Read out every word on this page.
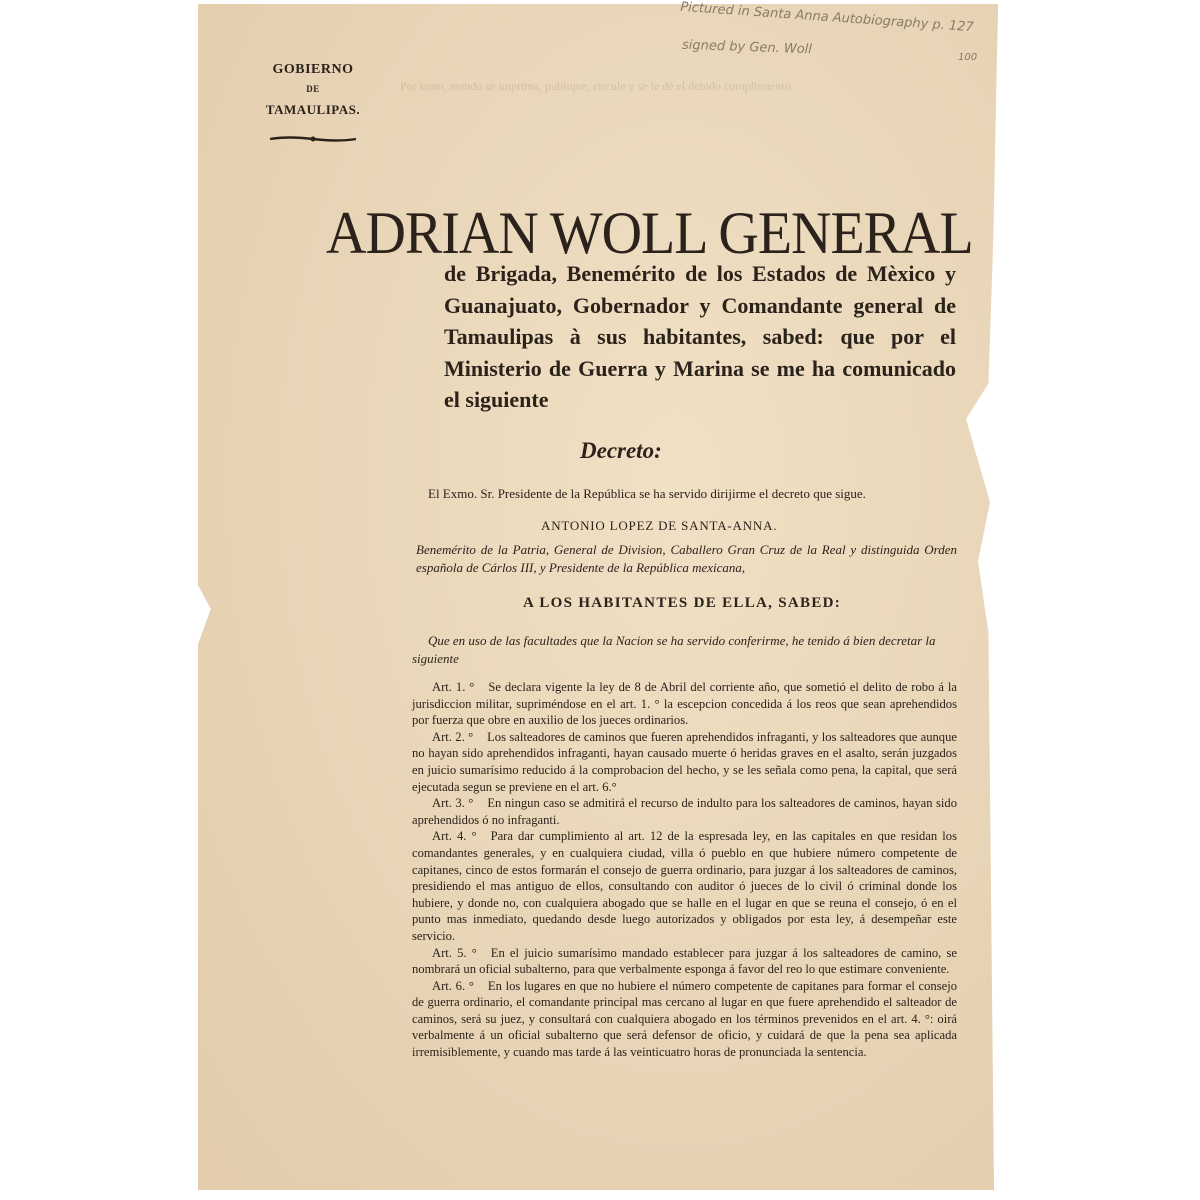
GOBIERNO
DE
TAMAULIPAS.
Pictured in Santa Anna Autobiography p. 127
signed by Gen. Woll
100
Por tanto, mando se imprima, publique, circule y se le dé el debido cumplimiento.
ADRIAN WOLL GENERAL

de Brigada, Benemérito de los Estados de Mèxico y Guanajuato, Gobernador y Comandante general de Tamaulipas à sus habitantes, sabed: que por el Ministerio de Guerra y Marina se me ha comunicado el siguiente

Decreto:

El Exmo. Sr. Presidente de la República se ha servido dirijirme el decreto que sigue.

ANTONIO LOPEZ DE SANTA-ANNA.

Benemérito de la Patria, General de Division, Caballero Gran Cruz de la Real y distinguida Orden española de Cárlos III, y Presidente de la República mexicana,

A LOS HABITANTES DE ELLA, SABED:

Que en uso de las facultades que la Nacion se ha servido conferirme, he tenido á bien decretar la siguiente

Art. 1. ° Se declara vigente la ley de 8 de Abril del corriente año, que sometió el delito de robo á la jurisdiccion militar, supriméndose en el art. 1. ° la escepcion concedida á los reos que sean aprehendidos por fuerza que obre en auxilio de los jueces ordinarios.

Art. 2. ° Los salteadores de caminos que fueren aprehendidos infraganti, y los salteadores que aunque no hayan sido aprehendidos infraganti, hayan causado muerte ó heridas graves en el asalto, serán juzgados en juicio sumarísimo reducido á la comprobacion del hecho, y se les señala como pena, la capital, que será ejecutada segun se previene en el art. 6.°

Art. 3. ° En ningun caso se admitirá el recurso de indulto para los salteadores de caminos, hayan sido aprehendidos ó no infraganti.

Art. 4. ° Para dar cumplimiento al art. 12 de la espresada ley, en las capitales en que residan los comandantes generales, y en cualquiera ciudad, villa ó pueblo en que hubiere número competente de capitanes, cinco de estos formarán el consejo de guerra ordinario, para juzgar á los salteadores de caminos, presidiendo el mas antiguo de ellos, consultando con auditor ó jueces de lo civil ó criminal donde los hubiere, y donde no, con cualquiera abogado que se halle en el lugar en que se reuna el consejo, ó en el punto mas inmediato, quedando desde luego autorizados y obligados por esta ley, á desempeñar este servicio.

Art. 5. ° En el juicio sumarísimo mandado establecer para juzgar á los salteadores de camino, se nombrará un oficial subalterno, para que verbalmente esponga á favor del reo lo que estimare conveniente.

Art. 6. ° En los lugares en que no hubiere el número competente de capitanes para formar el consejo de guerra ordinario, el comandante principal mas cercano al lugar en que fuere aprehendido el salteador de caminos, será su juez, y consultará con cualquiera abogado en los términos prevenidos en el art. 4. °: oirá verbalmente á un oficial subalterno que será defensor de oficio, y cuidará de que la pena sea aplicada irremisiblemente, y cuando mas tarde á las veinticuatro horas de pronunciada la sentencia.
